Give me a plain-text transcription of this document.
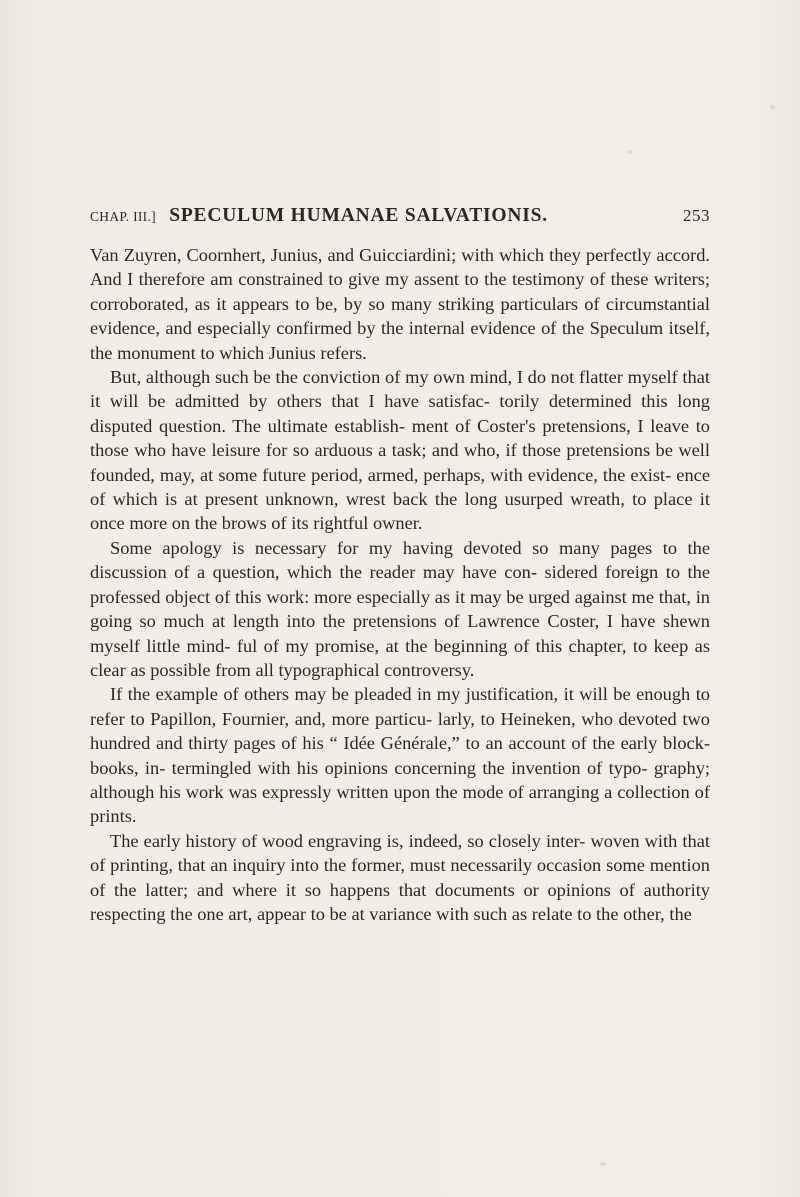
CHAP. III.] SPECULUM HUMANAE SALVATIONIS.	253

Van Zuyren, Coornhert, Junius, and Guicciardini; with which they perfectly accord. And I therefore am constrained to give my assent to the testimony of these writers; corroborated, as it appears to be, by so many striking particulars of circumstantial evidence, and especially confirmed by the internal evidence of the Speculum itself, the monument to which Junius refers.

But, although such be the conviction of my own mind, I do not flatter myself that it will be admitted by others that I have satisfac- torily determined this long disputed question. The ultimate establish- ment of Coster's pretensions, I leave to those who have leisure for so arduous a task; and who, if those pretensions be well founded, may, at some future period, armed, perhaps, with evidence, the exist- ence of which is at present unknown, wrest back the long usurped wreath, to place it once more on the brows of its rightful owner.

Some apology is necessary for my having devoted so many pages to the discussion of a question, which the reader may have con- sidered foreign to the professed object of this work: more especially as it may be urged against me that, in going so much at length into the pretensions of Lawrence Coster, I have shewn myself little mind- ful of my promise, at the beginning of this chapter, to keep as clear as possible from all typographical controversy.

If the example of others may be pleaded in my justification, it will be enough to refer to Papillon, Fournier, and, more particu- larly, to Heineken, who devoted two hundred and thirty pages of his “ Idée Générale,” to an account of the early block-books, in- termingled with his opinions concerning the invention of typo- graphy; although his work was expressly written upon the mode of arranging a collection of prints.

The early history of wood engraving is, indeed, so closely inter- woven with that of printing, that an inquiry into the former, must necessarily occasion some mention of the latter; and where it so happens that documents or opinions of authority respecting the one art, appear to be at variance with such as relate to the other, the
